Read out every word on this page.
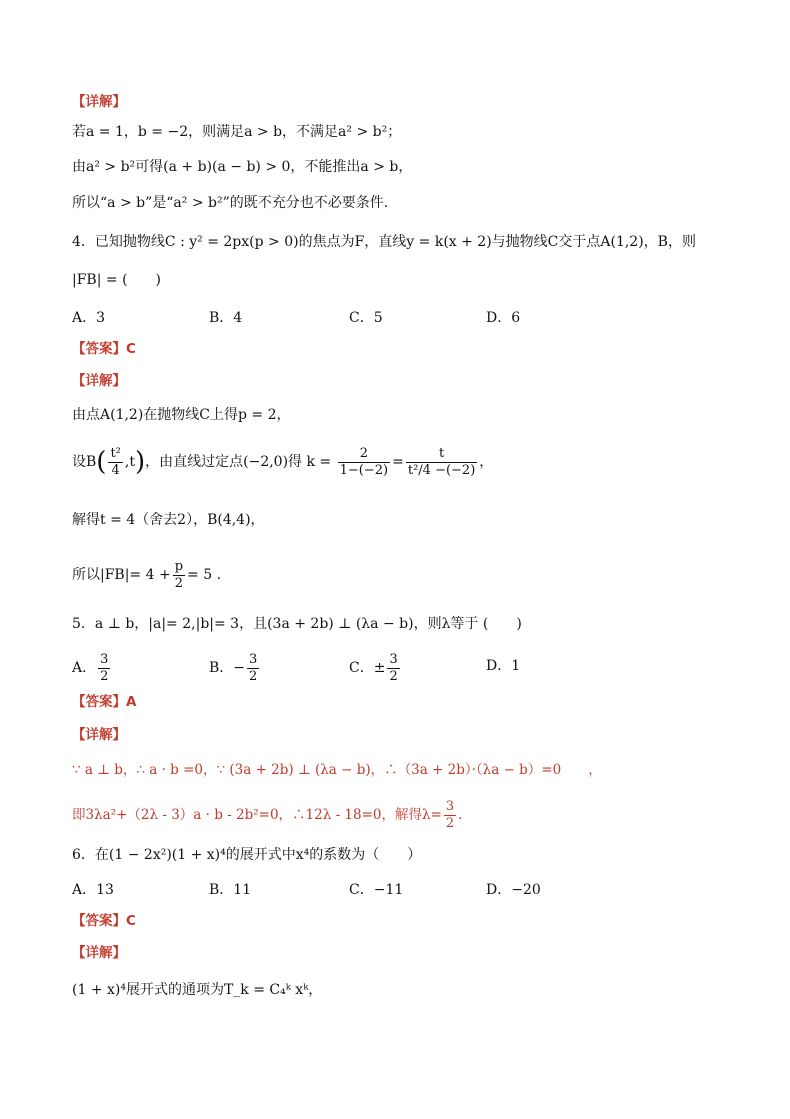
【详解】
若a = 1，b = −2，则满足a > b，不满足a² > b²；
由a² > b²可得(a + b)(a − b) > 0，不能推出a > b，
所以“a > b”是“a² > b²”的既不充分也不必要条件.
4．已知抛物线C : y² = 2px(p > 0)的焦点为F，直线y = k(x + 2)与抛物线C交于点A(1,2)，B，则
|FB| = (　　)
A．3	B．4	C．5	D．6
【答案】C
【详解】
由点A(1,2)在抛物线C上得p = 2，
设$B( \frac{\text{t²}}{4} ,t)$，由直线过定点(−2,0)得 $k = \frac{2}{1-(-2)} = \frac{t}{\text{t²/4 −(−2)}}$ ，
解得t = 4（舍去2），B(4,4)，
所以$|FB|= 4 + \frac{p}{2} = 5$ .
5．a ⊥ b，|a|= 2,|b|= 3，且(3a + 2b) ⊥ (λa − b)，则λ等于 (　　)
A． $\frac{3}{2}$	B．− $\frac{3}{2}$	C．± $\frac{3}{2}$	D．1
【答案】A
【详解】
∵ a ⊥ b，∴ a · b =0，∵ (3a + 2b) ⊥ (λa − b)，∴（3a + 2b）·（λa − b）=0　　，
即3λa²+（2λ - 3）a · b - 2b²=0，∴12λ - 18=0，解得$\lambda= \frac{3}{2}$ .
6．在(1 − 2x²)(1 + x)⁴的展开式中x⁴的系数为（　　）
A．13	B．11	C．−11	D．−20
【答案】C
【详解】
(1 + x)⁴展开式的通项为T_k = C₄ᵏ xᵏ，
